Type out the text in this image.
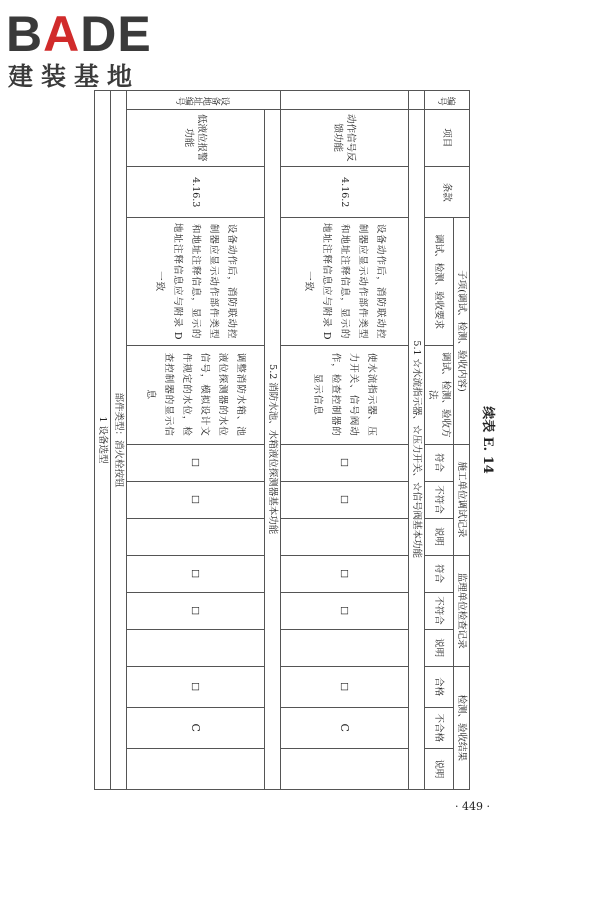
BADE
建装基地
续表 E. 14
编号	项目	条款	子项(调试、检测、验收内容)		施工单位调试记录			监理单位检查记录			检测、验收结果		
			调试、检测、验收要求	调试、检测、验收方法	符合	不符合	说明	符合	不符合	说明	合格	不合格	说明
	5.1 ☆水流指示器、☆压力开关、☆信号阀基本功能												
	动作信号反馈功能	4.16.2	设备动作后，消防联动控制器应显示动作部件类型和地址注释信息，显示的地址注释信息应与附录 D 一致	使水流指示器、压力开关、信号阀动作，检查控制器的显示信息	□	□		□	□		□	C	
设备地址编号	5.2 消防水池、水箱液位探测器基本功能												
	低液位报警功能	4.16.3	设备动作后，消防联动控制器应显示动作部件类型和地址注释信息，显示的地址注释信息应与附录 D 一致	调整消防水箱、池液位探测器的水位信号，模拟设计文件规定的水位，检查控制器的显示信息	□	□		□	□		□	C	
部件类型：消火栓按钮													
1 设备选型													
· 449 ·
